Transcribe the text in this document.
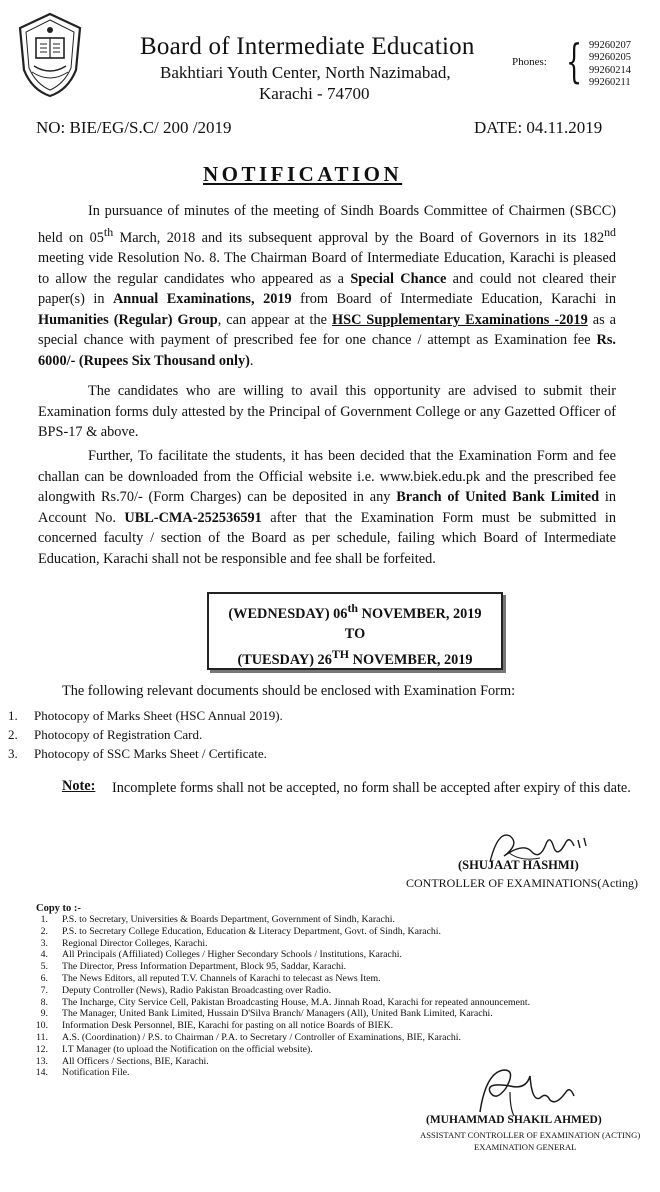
Board of Intermediate Education
Bakhtiari Youth Center, North Nazimabad,
Karachi - 74700
Phones: { 99260207
99260205
99260214
99260211
NO: BIE/EG/S.C/ 200 /2019	DATE: 04.11.2019
NOTIFICATION

In pursuance of minutes of the meeting of Sindh Boards Committee of Chairmen (SBCC) held on 05th March, 2018 and its subsequent approval by the Board of Governors in its 182nd meeting vide Resolution No. 8. The Chairman Board of Intermediate Education, Karachi is pleased to allow the regular candidates who appeared as a Special Chance and could not cleared their paper(s) in Annual Examinations, 2019 from Board of Intermediate Education, Karachi in Humanities (Regular) Group, can appear at the HSC Supplementary Examinations -2019 as a special chance with payment of prescribed fee for one chance / attempt as Examination fee Rs. 6000/- (Rupees Six Thousand only).

The candidates who are willing to avail this opportunity are advised to submit their Examination forms duly attested by the Principal of Government College or any Gazetted Officer of BPS-17 & above.

Further, To facilitate the students, it has been decided that the Examination Form and fee challan can be downloaded from the Official website i.e. www.biek.edu.pk and the prescribed fee alongwith Rs.70/- (Form Charges) can be deposited in any Branch of United Bank Limited in Account No. UBL-CMA-252536591 after that the Examination Form must be submitted in concerned faculty / section of the Board as per schedule, failing which Board of Intermediate Education, Karachi shall not be responsible and fee shall be forfeited.

(WEDNESDAY) 06th NOVEMBER, 2019
TO
(TUESDAY) 26TH NOVEMBER, 2019
The following relevant documents should be enclosed with Examination Form:
1. Photocopy of Marks Sheet (HSC Annual 2019).
2. Photocopy of Registration Card.
3. Photocopy of SSC Marks Sheet / Certificate.
Note: Incomplete forms shall not be accepted, no form shall be accepted after expiry of this date.

(SHUJAAT HASHMI)
CONTROLLER OF EXAMINATIONS(Acting)
Copy to :-
1. P.S. to Secretary, Universities & Boards Department, Government of Sindh, Karachi.
2. P.S. to Secretary College Education, Education & Literacy Department, Govt. of Sindh, Karachi.
3. Regional Director Colleges, Karachi.
4. All Principals (Affiliated) Colleges / Higher Secondary Schools / Institutions, Karachi.
5. The Director, Press Information Department, Block 95, Saddar, Karachi.
6. The News Editors, all reputed T.V. Channels of Karachi to telecast as News Item.
7. Deputy Controller (News), Radio Pakistan Broadcasting over Radio.
8. The Incharge, City Service Cell, Pakistan Broadcasting House, M.A. Jinnah Road, Karachi for repeated announcement.
9. The Manager, United Bank Limited, Hussain D'Silva Branch/ Managers (All), United Bank Limited, Karachi.
10. Information Desk Personnel, BIE, Karachi for pasting on all notice Boards of BIEK.
11. A.S. (Coordination) / P.S. to Chairman / P.A. to Secretary / Controller of Examinations, BIE, Karachi.
12. I.T Manager (to upload the Notification on the official website).
13. All Officers / Sections, BIE, Karachi.
14. Notification File.
(MUHAMMAD SHAKIL AHMED)
ASSISTANT CONTROLLER OF EXAMINATION (ACTING)
EXAMINATION GENERAL
